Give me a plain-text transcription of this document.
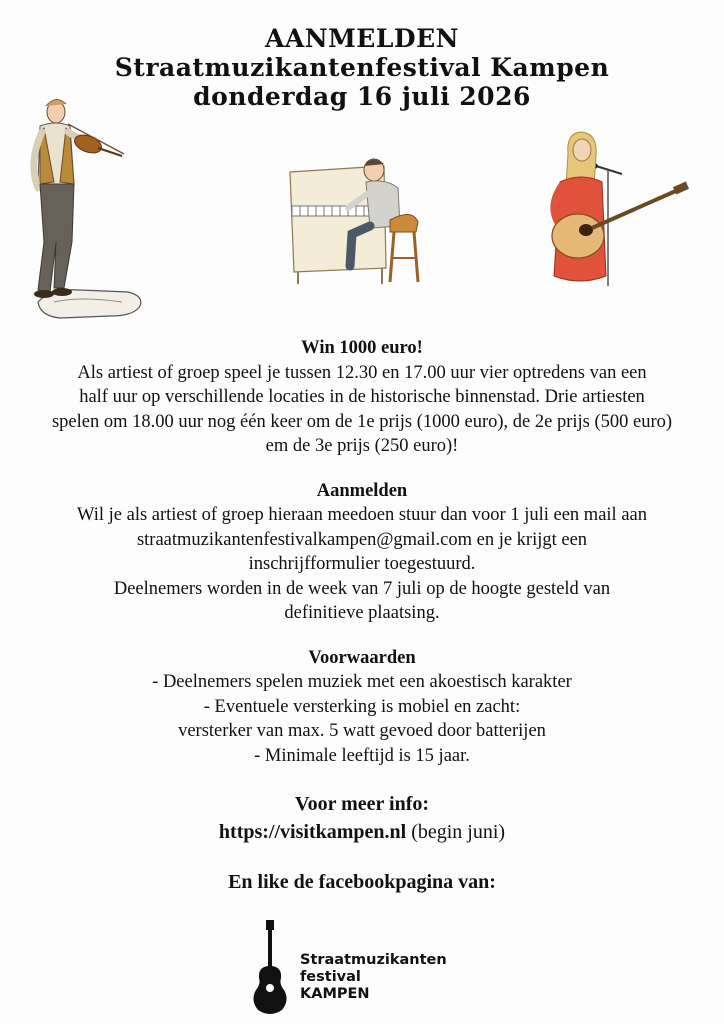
AANMELDEN
Straatmuzikantenfestival Kampen
donderdag 16 juli 2026
Win 1000 euro!
Als artiest of groep speel je tussen 12.30 en 17.00 uur vier optredens van een
half uur op verschillende locaties in de historische binnenstad. Drie artiesten
spelen om 18.00 uur nog één keer om de 1e prijs (1000 euro), de 2e prijs (500 euro)
em de 3e prijs (250 euro)!
Aanmelden
Wil je als artiest of groep hieraan meedoen stuur dan voor 1 juli een mail aan
straatmuzikantenfestivalkampen@gmail.com en je krijgt een
inschrijfformulier toegestuurd.
Deelnemers worden in de week van 7 juli op de hoogte gesteld van
definitieve plaatsing.
Voorwaarden
- Deelnemers spelen muziek met een akoestisch karakter
- Eventuele versterking is mobiel en zacht:
versterker van max. 5 watt gevoed door batterijen
- Minimale leeftijd is 15 jaar.
Voor meer info:
https://visitkampen.nl (begin juni)
En like de facebookpagina van:
Straatmuzikanten
festival
KAMPEN
